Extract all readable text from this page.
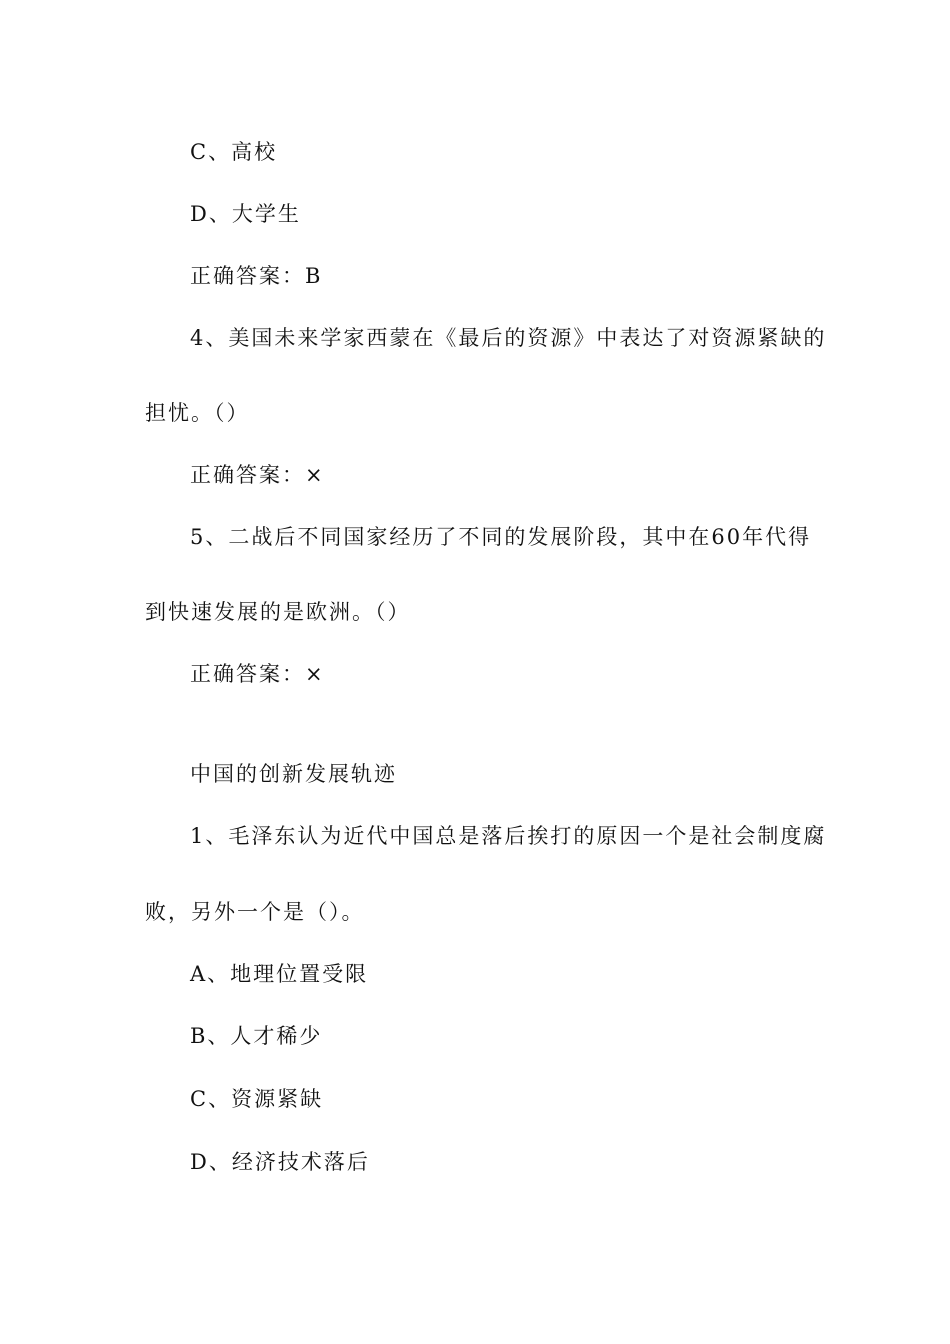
C、高校
D、大学生
正确答案：B
4、美国未来学家西蒙在《最后的资源》中表达了对资源紧缺的
担忧。（）
正确答案：×
5、二战后不同国家经历了不同的发展阶段，其中在60年代得
到快速发展的是欧洲。（）
正确答案：×
中国的创新发展轨迹
1、毛泽东认为近代中国总是落后挨打的原因一个是社会制度腐
败，另外一个是（）。
A、地理位置受限
B、人才稀少
C、资源紧缺
D、经济技术落后
